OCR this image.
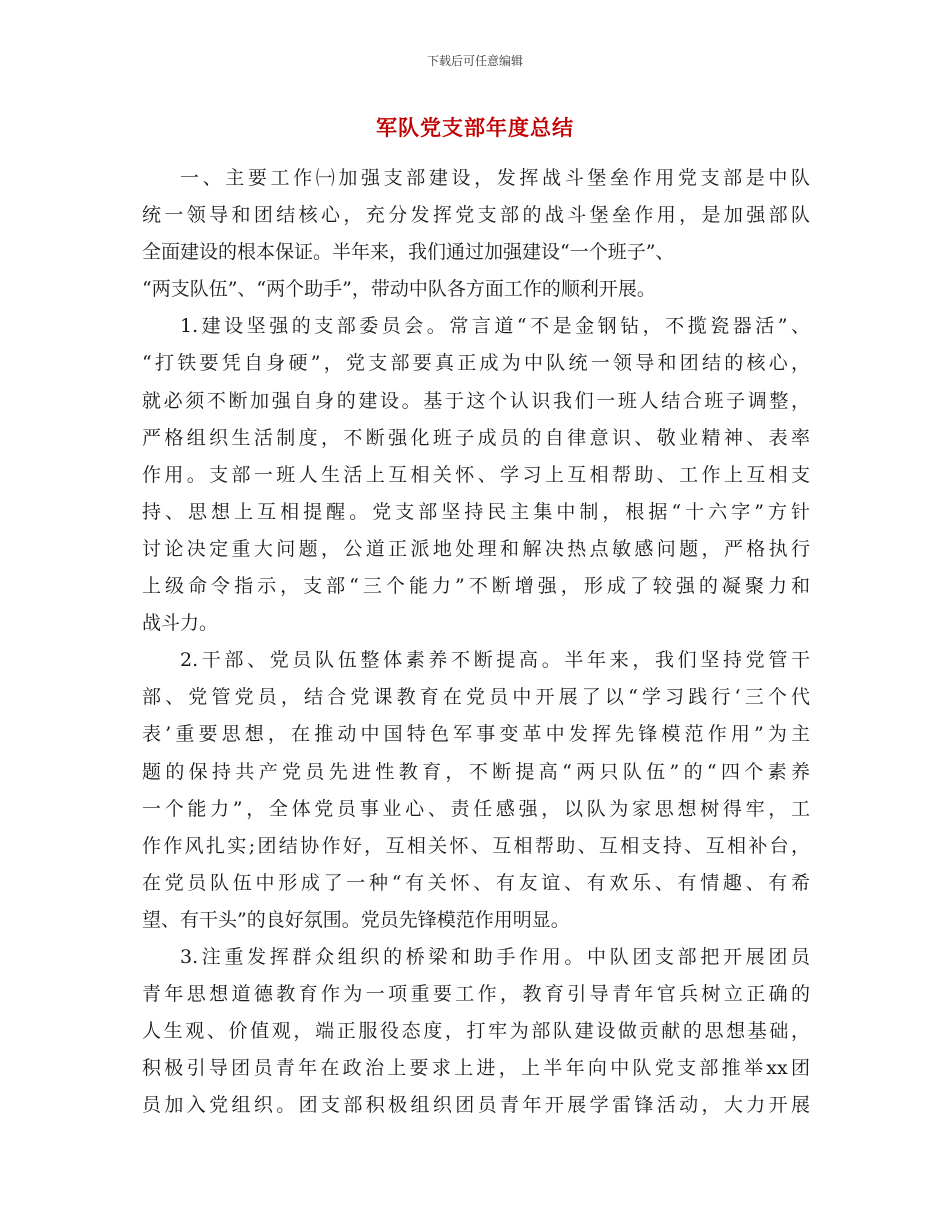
下载后可任意编辑
军队党支部年度总结
一、主要工作㈠加强支部建设，发挥战斗堡垒作用党支部是中队
统一领导和团结核心，充分发挥党支部的战斗堡垒作用，是加强部队
全面建设的根本保证。半年来，我们通过加强建设“一个班子”、
“两支队伍”、“两个助手”，带动中队各方面工作的顺利开展。
1.建设坚强的支部委员会。常言道“不是金钢钻，不揽瓷器活”、
“打铁要凭自身硬”，党支部要真正成为中队统一领导和团结的核心，
就必须不断加强自身的建设。基于这个认识我们一班人结合班子调整，
严格组织生活制度，不断强化班子成员的自律意识、敬业精神、表率
作用。支部一班人生活上互相关怀、学习上互相帮助、工作上互相支
持、思想上互相提醒。党支部坚持民主集中制，根据“十六字”方针
讨论决定重大问题，公道正派地处理和解决热点敏感问题，严格执行
上级命令指示，支部“三个能力”不断增强，形成了较强的凝聚力和
战斗力。
2.干部、党员队伍整体素养不断提高。半年来，我们坚持党管干
部、党管党员，结合党课教育在党员中开展了以“学习践行‘三个代
表’重要思想，在推动中国特色军事变革中发挥先锋模范作用”为主
题的保持共产党员先进性教育，不断提高“两只队伍”的“四个素养
一个能力”，全体党员事业心、责任感强，以队为家思想树得牢，工
作作风扎实;团结协作好，互相关怀、互相帮助、互相支持、互相补台，
在党员队伍中形成了一种“有关怀、有友谊、有欢乐、有情趣、有希
望、有干头”的良好氛围。党员先锋模范作用明显。
3.注重发挥群众组织的桥梁和助手作用。中队团支部把开展团员
青年思想道德教育作为一项重要工作，教育引导青年官兵树立正确的
人生观、价值观，端正服役态度，打牢为部队建设做贡献的思想基础，
积极引导团员青年在政治上要求上进，上半年向中队党支部推举xx团
员加入党组织。团支部积极组织团员青年开展学雷锋活动，大力开展
